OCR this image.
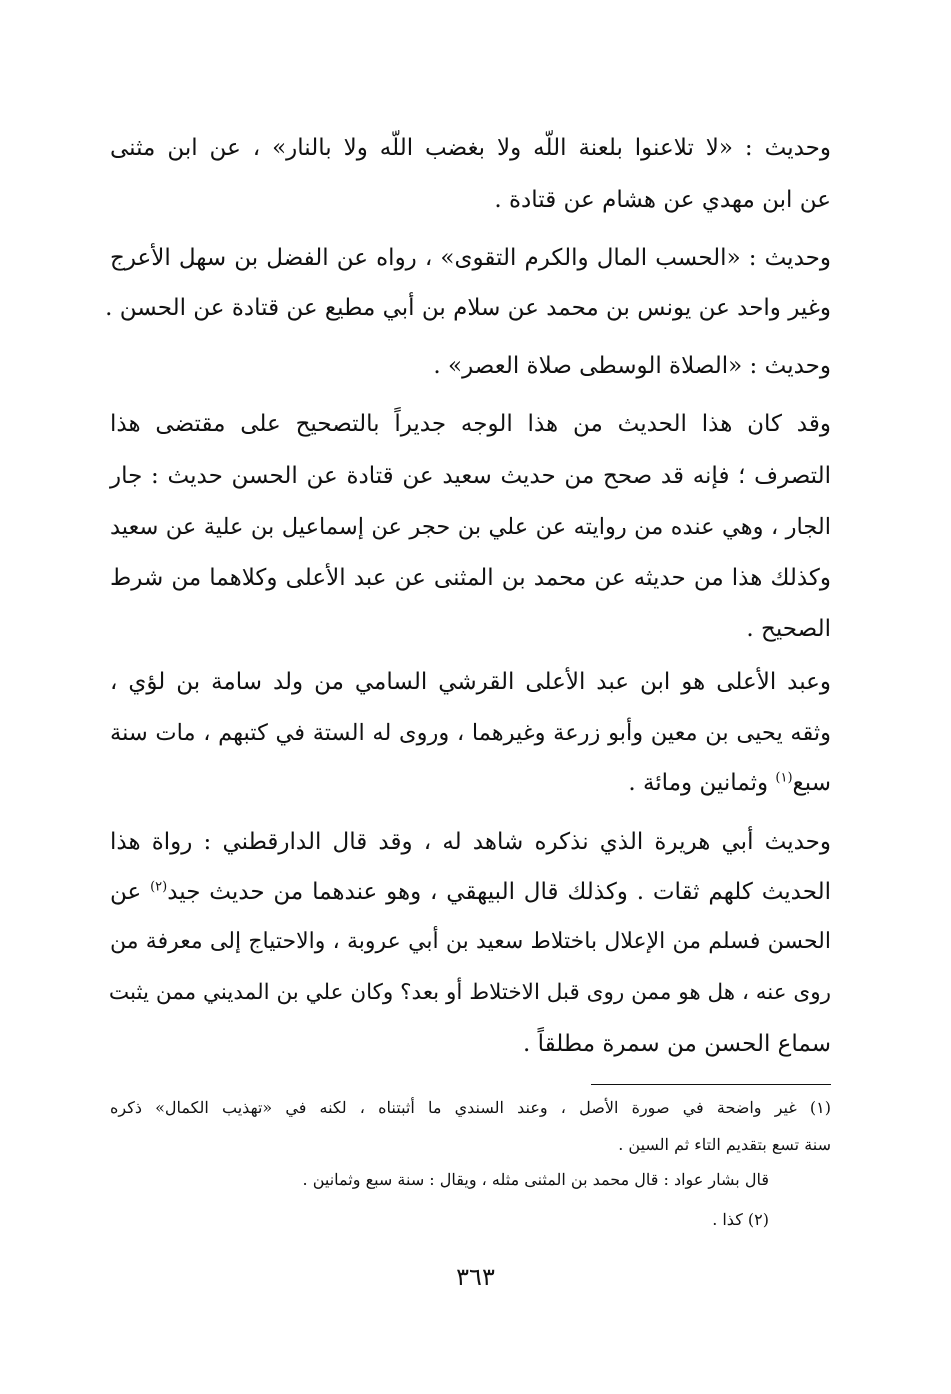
وحديث : «لا تلاعنوا بلعنة اللّه ولا بغضب اللّه ولا بالنار» ، عن ابن مثنى
عن ابن مهدي عن هشام عن قتادة .
وحديث : «الحسب المال والكرم التقوى» ، رواه عن الفضل بن سهل الأعرج
وغير واحد عن يونس بن محمد عن سلام بن أبي مطيع عن قتادة عن الحسن .
وحديث : «الصلاة الوسطى صلاة العصر» .
وقد كان هذا الحديث من هذا الوجه جديراً بالتصحيح على مقتضى هذا
التصرف ؛ فإنه قد صحح من حديث سعيد عن قتادة عن الحسن حديث : جار
الجار ، وهي عنده من روايته عن علي بن حجر عن إسماعيل بن علية عن سعيد
وكذلك هذا من حديثه عن محمد بن المثنى عن عبد الأعلى وكلاهما من شرط
الصحيح .
وعبد الأعلى هو ابن عبد الأعلى القرشي السامي من ولد سامة بن لؤي ،
وثقه يحيى بن معين وأبو زرعة وغيرهما ، وروى له الستة في كتبهم ، مات سنة
سبع$^{(١)}$ وثمانين ومائة .
وحديث أبي هريرة الذي نذكره شاهد له ، وقد قال الدارقطني : رواة هذا
الحديث كلهم ثقات . وكذلك قال البيهقي ، وهو عندهما من حديث جيد$^{(٢)}$ عن
الحسن فسلم من الإعلال باختلاط سعيد بن أبي عروبة ، والاحتياج إلى معرفة من
روى عنه ، هل هو ممن روى قبل الاختلاط أو بعد؟ وكان علي بن المديني ممن يثبت
سماع الحسن من سمرة مطلقاً .
(١) غير واضحة في صورة الأصل ، وعند السندي ما أثبتناه ، لكنه في «تهذيب الكمال» ذكره
سنة تسع بتقديم التاء ثم السين .
قال بشار عواد : قال محمد بن المثنى مثله ، ويقال : سنة سبع وثمانين .
(٢) كذا .
٣٦٣
